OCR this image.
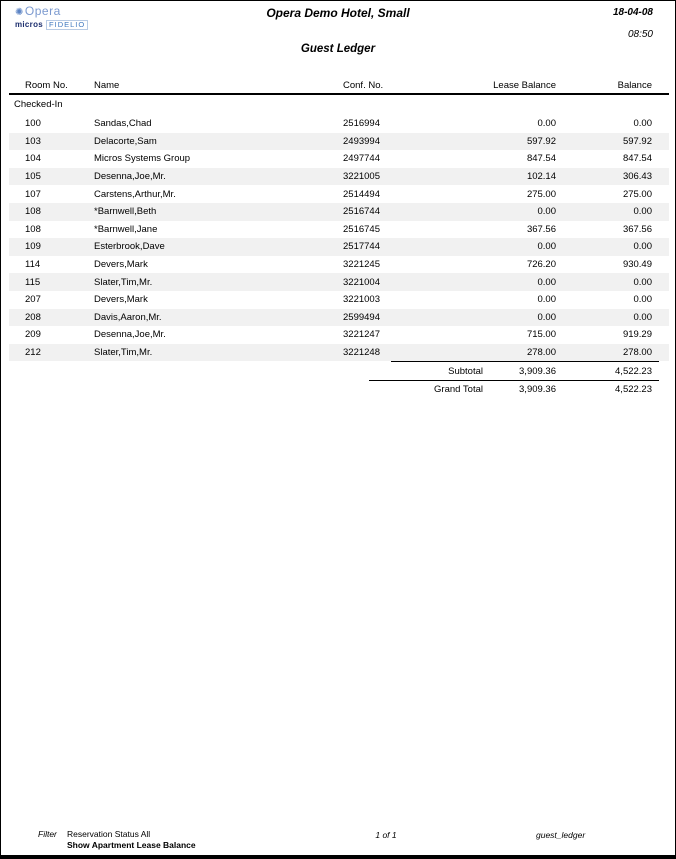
✺Opera
micros FIDELIO
Opera Demo Hotel, Small	18-04-08
08:50
Guest Ledger
Room No.	Name	Conf. No.	Lease Balance	Balance
Checked-In
100	Sandas,Chad	2516994	0.00	0.00
103	Delacorte,Sam	2493994	597.92	597.92
104	Micros Systems Group	2497744	847.54	847.54
105	Desenna,Joe,Mr.	3221005	102.14	306.43
107	Carstens,Arthur,Mr.	2514494	275.00	275.00
108	*Barnwell,Beth	2516744	0.00	0.00
108	*Barnwell,Jane	2516745	367.56	367.56
109	Esterbrook,Dave	2517744	0.00	0.00
114	Devers,Mark	3221245	726.20	930.49
115	Slater,Tim,Mr.	3221004	0.00	0.00
207	Devers,Mark	3221003	0.00	0.00
208	Davis,Aaron,Mr.	2599494	0.00	0.00
209	Desenna,Joe,Mr.	3221247	715.00	919.29
212	Slater,Tim,Mr.	3221248	278.00	278.00
Subtotal	3,909.36	4,522.23
Grand Total	3,909.36	4,522.23
Filter Reservation Status All
Show Apartment Lease Balance
1 of 1	guest_ledger
